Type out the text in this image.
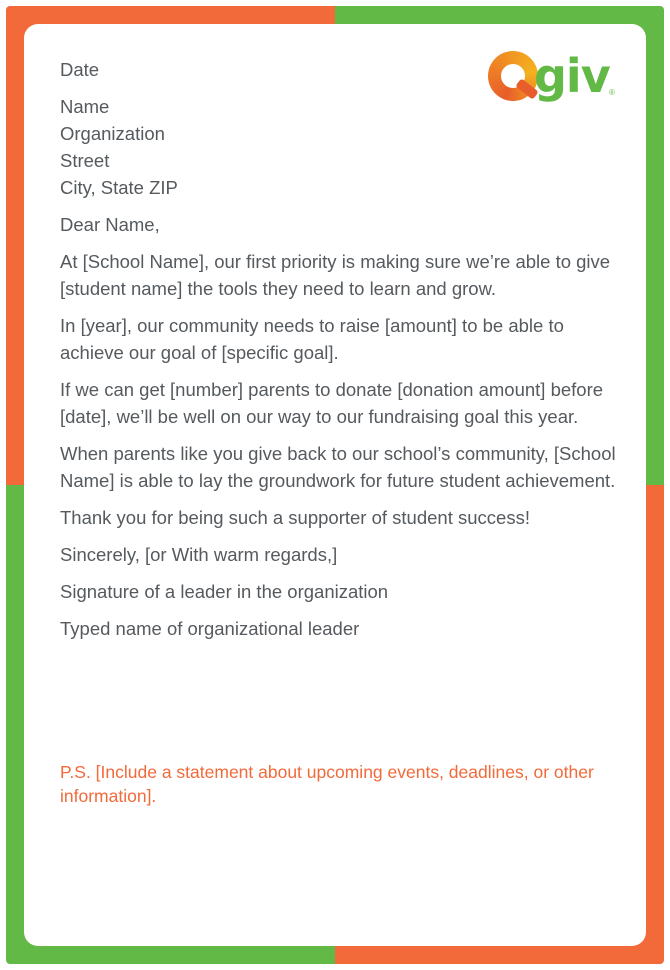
giv ®

Date

Name
Organization
Street
City, State ZIP

Dear Name,

At [School Name], our first priority is making sure we’re able to give [student name] the tools they need to learn and grow.

In [year], our community needs to raise [amount] to be able to achieve our goal of [specific goal].

If we can get [number] parents to donate [donation amount] before [date], we’ll be well on our way to our fundraising goal this year.

When parents like you give back to our school’s community, [School Name] is able to lay the groundwork for future student achievement.

Thank you for being such a supporter of student success!

Sincerely, [or With warm regards,]

Signature of a leader in the organization

Typed name of organizational leader

P.S. [Include a statement about upcoming events, deadlines, or other information].
